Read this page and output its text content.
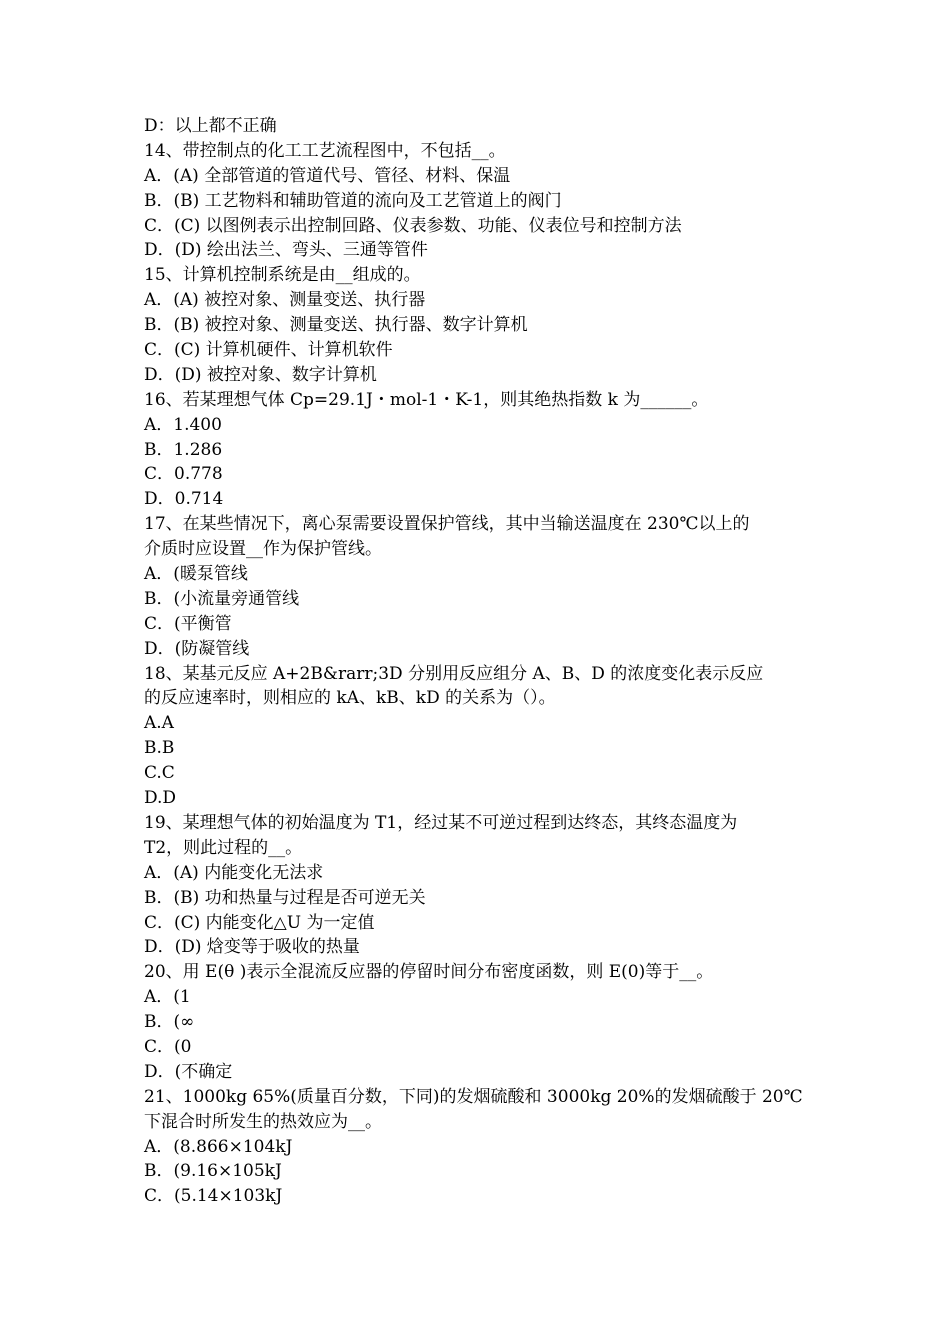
D：以上都不正确
14、带控制点的化工工艺流程图中，不包括__。
A．(A) 全部管道的管道代号、管径、材料、保温
B．(B) 工艺物料和辅助管道的流向及工艺管道上的阀门
C．(C) 以图例表示出控制回路、仪表参数、功能、仪表位号和控制方法
D．(D) 绘出法兰、弯头、三通等管件
15、计算机控制系统是由__组成的。
A．(A) 被控对象、测量变送、执行器
B．(B) 被控对象、测量变送、执行器、数字计算机
C．(C) 计算机硬件、计算机软件
D．(D) 被控对象、数字计算机
16、若某理想气体 Cp=29.1J・mol-1・K-1，则其绝热指数 k 为______。
A．1.400
B．1.286
C．0.778
D．0.714
17、在某些情况下，离心泵需要设置保护管线，其中当输送温度在 230℃以上的
介质时应设置__作为保护管线。
A．(暖泵管线
B．(小流量旁通管线
C．(平衡管
D．(防凝管线
18、某基元反应 A+2B&rarr;3D 分别用反应组分 A、B、D 的浓度变化表示反应
的反应速率时，则相应的 kA、kB、kD 的关系为（）。
A.A
B.B
C.C
D.D
19、某理想气体的初始温度为 T1，经过某不可逆过程到达终态，其终态温度为
T2，则此过程的__。
A．(A) 内能变化无法求
B．(B) 功和热量与过程是否可逆无关
C．(C) 内能变化△U 为一定值
D．(D) 焓变等于吸收的热量
20、用 E(θ )表示全混流反应器的停留时间分布密度函数，则 E(0)等于__。
A．(1
B．(∞
C．(0
D．(不确定
21、1000kg 65%(质量百分数，下同)的发烟硫酸和 3000kg 20%的发烟硫酸于 20℃
下混合时所发生的热效应为__。
A．(8.866×104kJ
B．(9.16×105kJ
C．(5.14×103kJ
